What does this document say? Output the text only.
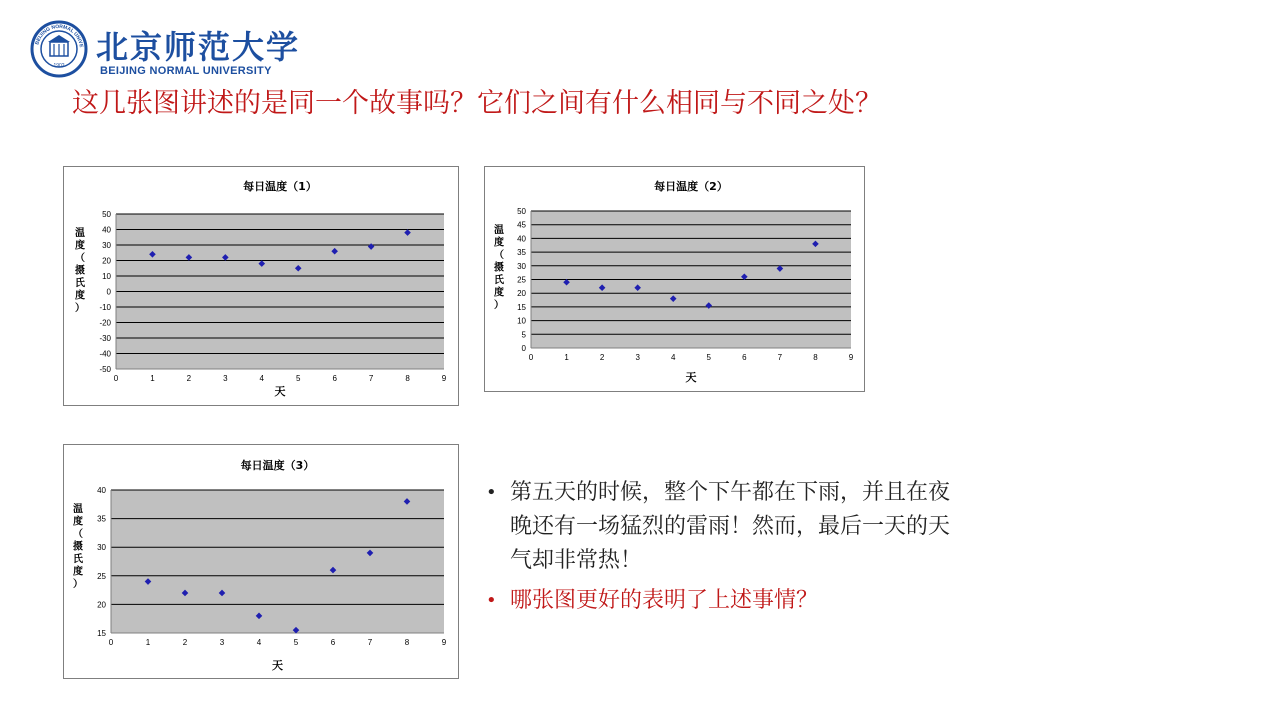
BEIJING NORMAL UNIVE
1902 北京师范大学
BEIJING NORMAL UNIVERSITY
这几张图讲述的是同一个故事吗？它们之间有什么相同与不同之处？
50
40
30
20
10
0
-10
-20
-30
-40
-50
0	1	2	3	4	5	6	7	8	9
每日温度（1）
天
温度（摄氏度）
50
45
40
35
30
25
20
15
10
5
0
0	1	2	3	4	5	6	7	8	9
每日温度（2）
天
温度（摄氏度）
40
35
30
25
20
15
0	1	2	3	4	5	6	7	8	9
每日温度（3）
天
温度（摄氏度）
• 第五天的时候，整个下午都在下雨，并且在夜晚还有一场猛烈的雷雨！然而，最后一天的天气却非常热！
• 哪张图更好的表明了上述事情？
